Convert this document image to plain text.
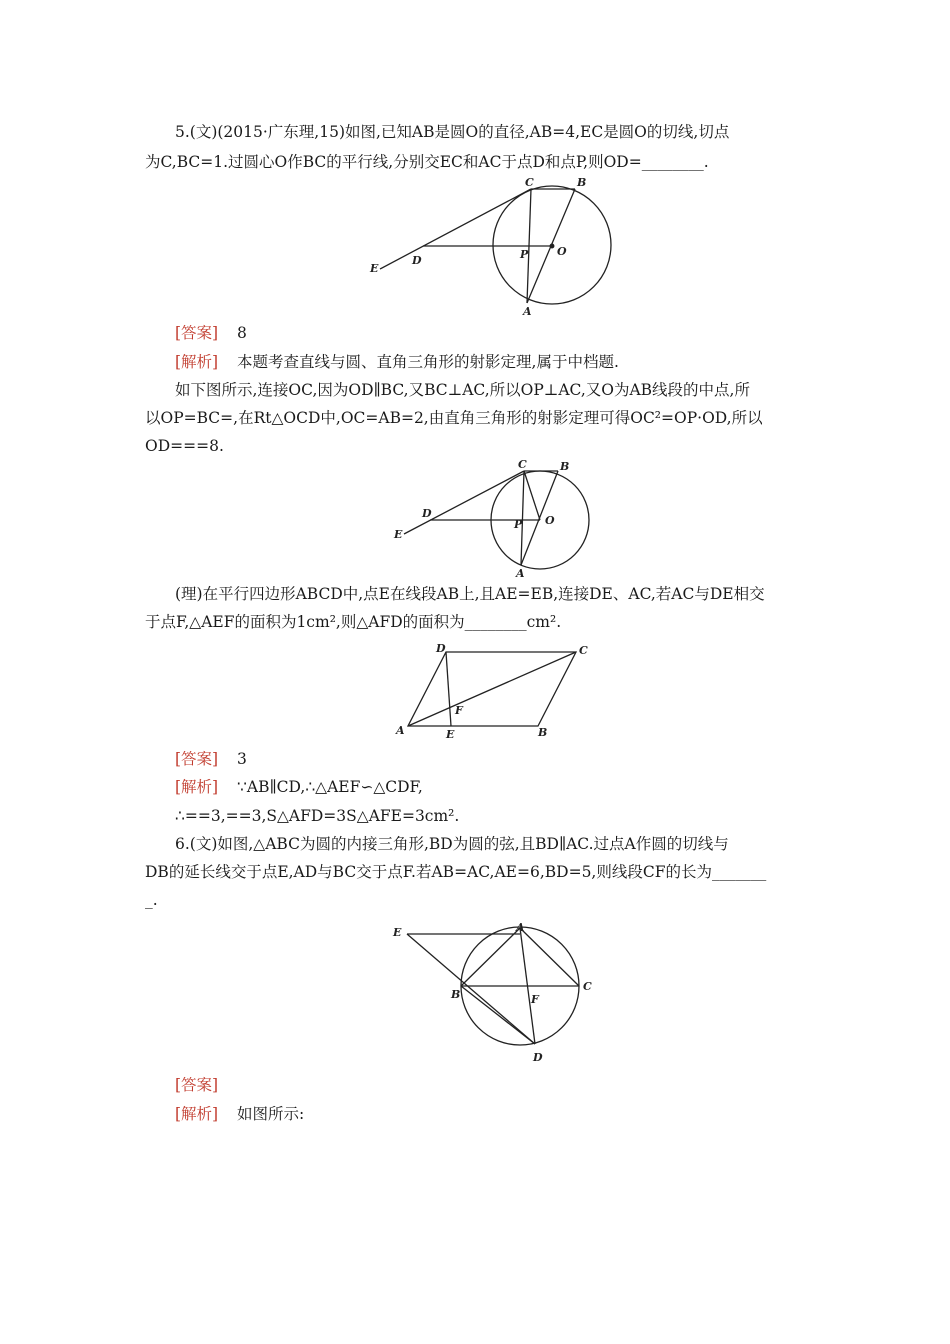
5.(文)(2015·广东理,15)如图,已知AB是圆O的直径,AB=4,EC是圆O的切线,切点
为C,BC=1.过圆心O作BC的平行线,分别交EC和AC于点D和点P,则OD=________.
C	B
D
E
P	O
A
[答案] 8
[解析] 本题考查直线与圆、直角三角形的射影定理,属于中档题.
如下图所示,连接OC,因为OD∥BC,又BC⊥AC,所以OP⊥AC,又O为AB线段的中点,所
以OP=BC=,在Rt△OCD中,OC=AB=2,由直角三角形的射影定理可得OC²=OP·OD,所以
OD===8.
C	B
D
E
P O
A
(理)在平行四边形ABCD中,点E在线段AB上,且AE=EB,连接DE、AC,若AC与DE相交
于点F,△AEF的面积为1cm²,则△AFD的面积为________cm².
D	C
F
A	E	B
[答案] 3
[解析] ∵AB∥CD,∴△AEF∽△CDF,
∴==3,==3,S△AFD=3S△AFE=3cm².
6.(文)如图,△ABC为圆的内接三角形,BD为圆的弦,且BD∥AC.过点A作圆的切线与
DB的延长线交于点E,AD与BC交于点F.若AB=AC,AE=6,BD=5,则线段CF的长为_______
_.
E	A
B	F
C
D
[答案]
[解析] 如图所示:
